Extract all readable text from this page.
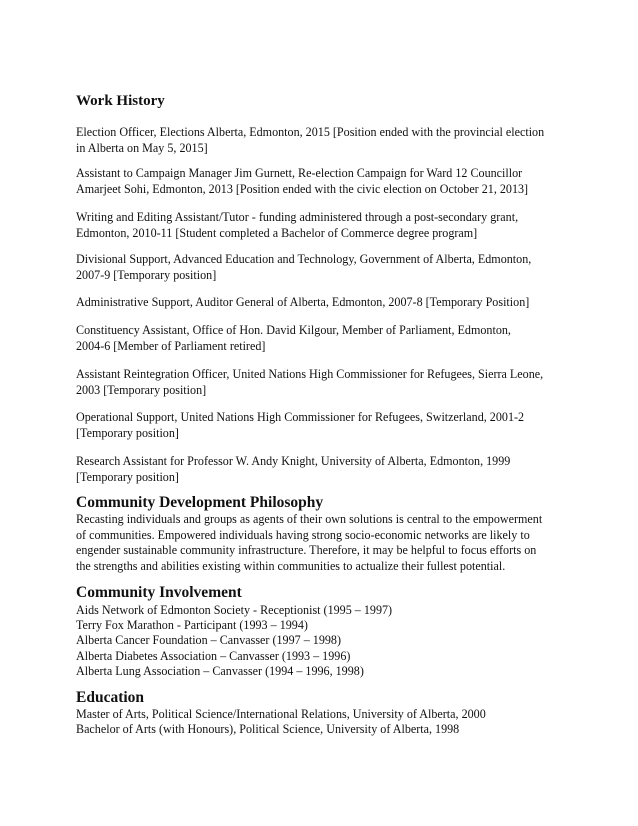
Work History

Election Officer, Elections Alberta, Edmonton, 2015 [Position ended with the provincial election
in Alberta on May 5, 2015]

Assistant to Campaign Manager Jim Gurnett, Re-election Campaign for Ward 12 Councillor
Amarjeet Sohi, Edmonton, 2013 [Position ended with the civic election on October 21, 2013]

Writing and Editing Assistant/Tutor - funding administered through a post-secondary grant,
Edmonton, 2010-11 [Student completed a Bachelor of Commerce degree program]

Divisional Support, Advanced Education and Technology, Government of Alberta, Edmonton,
2007-9 [Temporary position]

Administrative Support, Auditor General of Alberta, Edmonton, 2007-8 [Temporary Position]

Constituency Assistant, Office of Hon. David Kilgour, Member of Parliament, Edmonton,
2004-6 [Member of Parliament retired]

Assistant Reintegration Officer, United Nations High Commissioner for Refugees, Sierra Leone,
2003 [Temporary position]

Operational Support, United Nations High Commissioner for Refugees, Switzerland, 2001-2
[Temporary position]

Research Assistant for Professor W. Andy Knight, University of Alberta, Edmonton, 1999
[Temporary position]

Community Development Philosophy

Recasting individuals and groups as agents of their own solutions is central to the empowerment
of communities. Empowered individuals having strong socio-economic networks are likely to
engender sustainable community infrastructure. Therefore, it may be helpful to focus efforts on
the strengths and abilities existing within communities to actualize their fullest potential.

Community Involvement
Aids Network of Edmonton Society - Receptionist (1995 – 1997)
Terry Fox Marathon - Participant (1993 – 1994)
Alberta Cancer Foundation – Canvasser (1997 – 1998)
Alberta Diabetes Association – Canvasser (1993 – 1996)
Alberta Lung Association – Canvasser (1994 – 1996, 1998)
Education
Master of Arts, Political Science/International Relations, University of Alberta, 2000
Bachelor of Arts (with Honours), Political Science, University of Alberta, 1998
